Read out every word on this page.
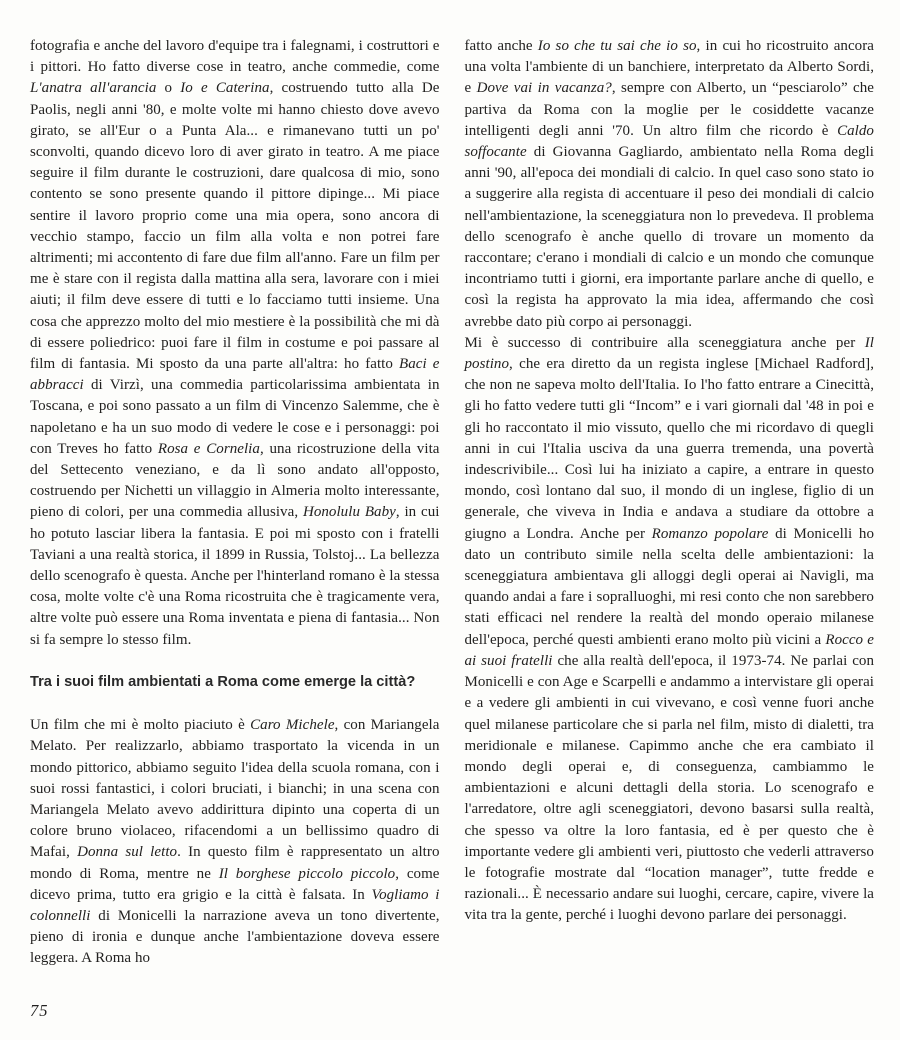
fotografia e anche del lavoro d'equipe tra i falegnami, i costruttori e i pittori. Ho fatto diverse cose in teatro, anche commedie, come L'anatra all'arancia o Io e Caterina, costruendo tutto alla De Paolis, negli anni '80, e molte volte mi hanno chiesto dove avevo girato, se all'Eur o a Punta Ala... e rimanevano tutti un po' sconvolti, quando dicevo loro di aver girato in teatro. A me piace seguire il film durante le costruzioni, dare qualcosa di mio, sono contento se sono presente quando il pittore dipinge... Mi piace sentire il lavoro proprio come una mia opera, sono ancora di vecchio stampo, faccio un film alla volta e non potrei fare altrimenti; mi accontento di fare due film all'anno. Fare un film per me è stare con il regista dalla mattina alla sera, lavorare con i miei aiuti; il film deve essere di tutti e lo facciamo tutti insieme. Una cosa che apprezzo molto del mio mestiere è la possibilità che mi dà di essere poliedrico: puoi fare il film in costume e poi passare al film di fantasia. Mi sposto da una parte all'altra: ho fatto Baci e abbracci di Virzì, una commedia particolarissima ambientata in Toscana, e poi sono passato a un film di Vincenzo Salemme, che è napoletano e ha un suo modo di vedere le cose e i personaggi: poi con Treves ho fatto Rosa e Cornelia, una ricostruzione della vita del Settecento veneziano, e da lì sono andato all'opposto, costruendo per Nichetti un villaggio in Almeria molto interessante, pieno di colori, per una commedia allusiva, Honolulu Baby, in cui ho potuto lasciar libera la fantasia. E poi mi sposto con i fratelli Taviani a una realtà storica, il 1899 in Russia, Tolstoj... La bellezza dello scenografo è questa. Anche per l'hinterland romano è la stessa cosa, molte volte c'è una Roma ricostruita che è tragicamente vera, altre volte può essere una Roma inventata e piena di fantasia... Non si fa sempre lo stesso film.

Tra i suoi film ambientati a Roma come emerge la città?

Un film che mi è molto piaciuto è Caro Michele, con Mariangela Melato. Per realizzarlo, abbiamo trasportato la vicenda in un mondo pittorico, abbiamo seguito l'idea della scuola romana, con i suoi rossi fantastici, i colori bruciati, i bianchi; in una scena con Mariangela Melato avevo addirittura dipinto una coperta di un colore bruno violaceo, rifacendomi a un bellissimo quadro di Mafai, Donna sul letto. In questo film è rappresentato un altro mondo di Roma, mentre ne Il borghese piccolo piccolo, come dicevo prima, tutto era grigio e la città è falsata. In Vogliamo i colonnelli di Monicelli la narrazione aveva un tono divertente, pieno di ironia e dunque anche l'ambientazione doveva essere leggera. A Roma ho

fatto anche Io so che tu sai che io so, in cui ho ricostruito ancora una volta l'ambiente di un banchiere, interpretato da Alberto Sordi, e Dove vai in vacanza?, sempre con Alberto, un “pesciarolo” che partiva da Roma con la moglie per le cosiddette vacanze intelligenti degli anni '70. Un altro film che ricordo è Caldo soffocante di Giovanna Gagliardo, ambientato nella Roma degli anni '90, all'epoca dei mondiali di calcio. In quel caso sono stato io a suggerire alla regista di accentuare il peso dei mondiali di calcio nell'ambientazione, la sceneggiatura non lo prevedeva. Il problema dello scenografo è anche quello di trovare un momento da raccontare; c'erano i mondiali di calcio e un mondo che comunque incontriamo tutti i giorni, era importante parlare anche di quello, e così la regista ha approvato la mia idea, affermando che così avrebbe dato più corpo ai personaggi.

Mi è successo di contribuire alla sceneggiatura anche per Il postino, che era diretto da un regista inglese [Michael Radford], che non ne sapeva molto dell'Italia. Io l'ho fatto entrare a Cinecittà, gli ho fatto vedere tutti gli “Incom” e i vari giornali dal '48 in poi e gli ho raccontato il mio vissuto, quello che mi ricordavo di quegli anni in cui l'Italia usciva da una guerra tremenda, una povertà indescrivibile... Così lui ha iniziato a capire, a entrare in questo mondo, così lontano dal suo, il mondo di un inglese, figlio di un generale, che viveva in India e andava a studiare da ottobre a giugno a Londra. Anche per Romanzo popolare di Monicelli ho dato un contributo simile nella scelta delle ambientazioni: la sceneggiatura ambientava gli alloggi degli operai ai Navigli, ma quando andai a fare i sopralluoghi, mi resi conto che non sarebbero stati efficaci nel rendere la realtà del mondo operaio milanese dell'epoca, perché questi ambienti erano molto più vicini a Rocco e ai suoi fratelli che alla realtà dell'epoca, il 1973-74. Ne parlai con Monicelli e con Age e Scarpelli e andammo a intervistare gli operai e a vedere gli ambienti in cui vivevano, e così venne fuori anche quel milanese particolare che si parla nel film, misto di dialetti, tra meridionale e milanese. Capimmo anche che era cambiato il mondo degli operai e, di conseguenza, cambiammo le ambientazioni e alcuni dettagli della storia. Lo scenografo e l'arredatore, oltre agli sceneggiatori, devono basarsi sulla realtà, che spesso va oltre la loro fantasia, ed è per questo che è importante vedere gli ambienti veri, piuttosto che vederli attraverso le fotografie mostrate dal “location manager”, tutte fredde e razionali... È necessario andare sui luoghi, cercare, capire, vivere la vita tra la gente, perché i luoghi devono parlare dei personaggi.

75
